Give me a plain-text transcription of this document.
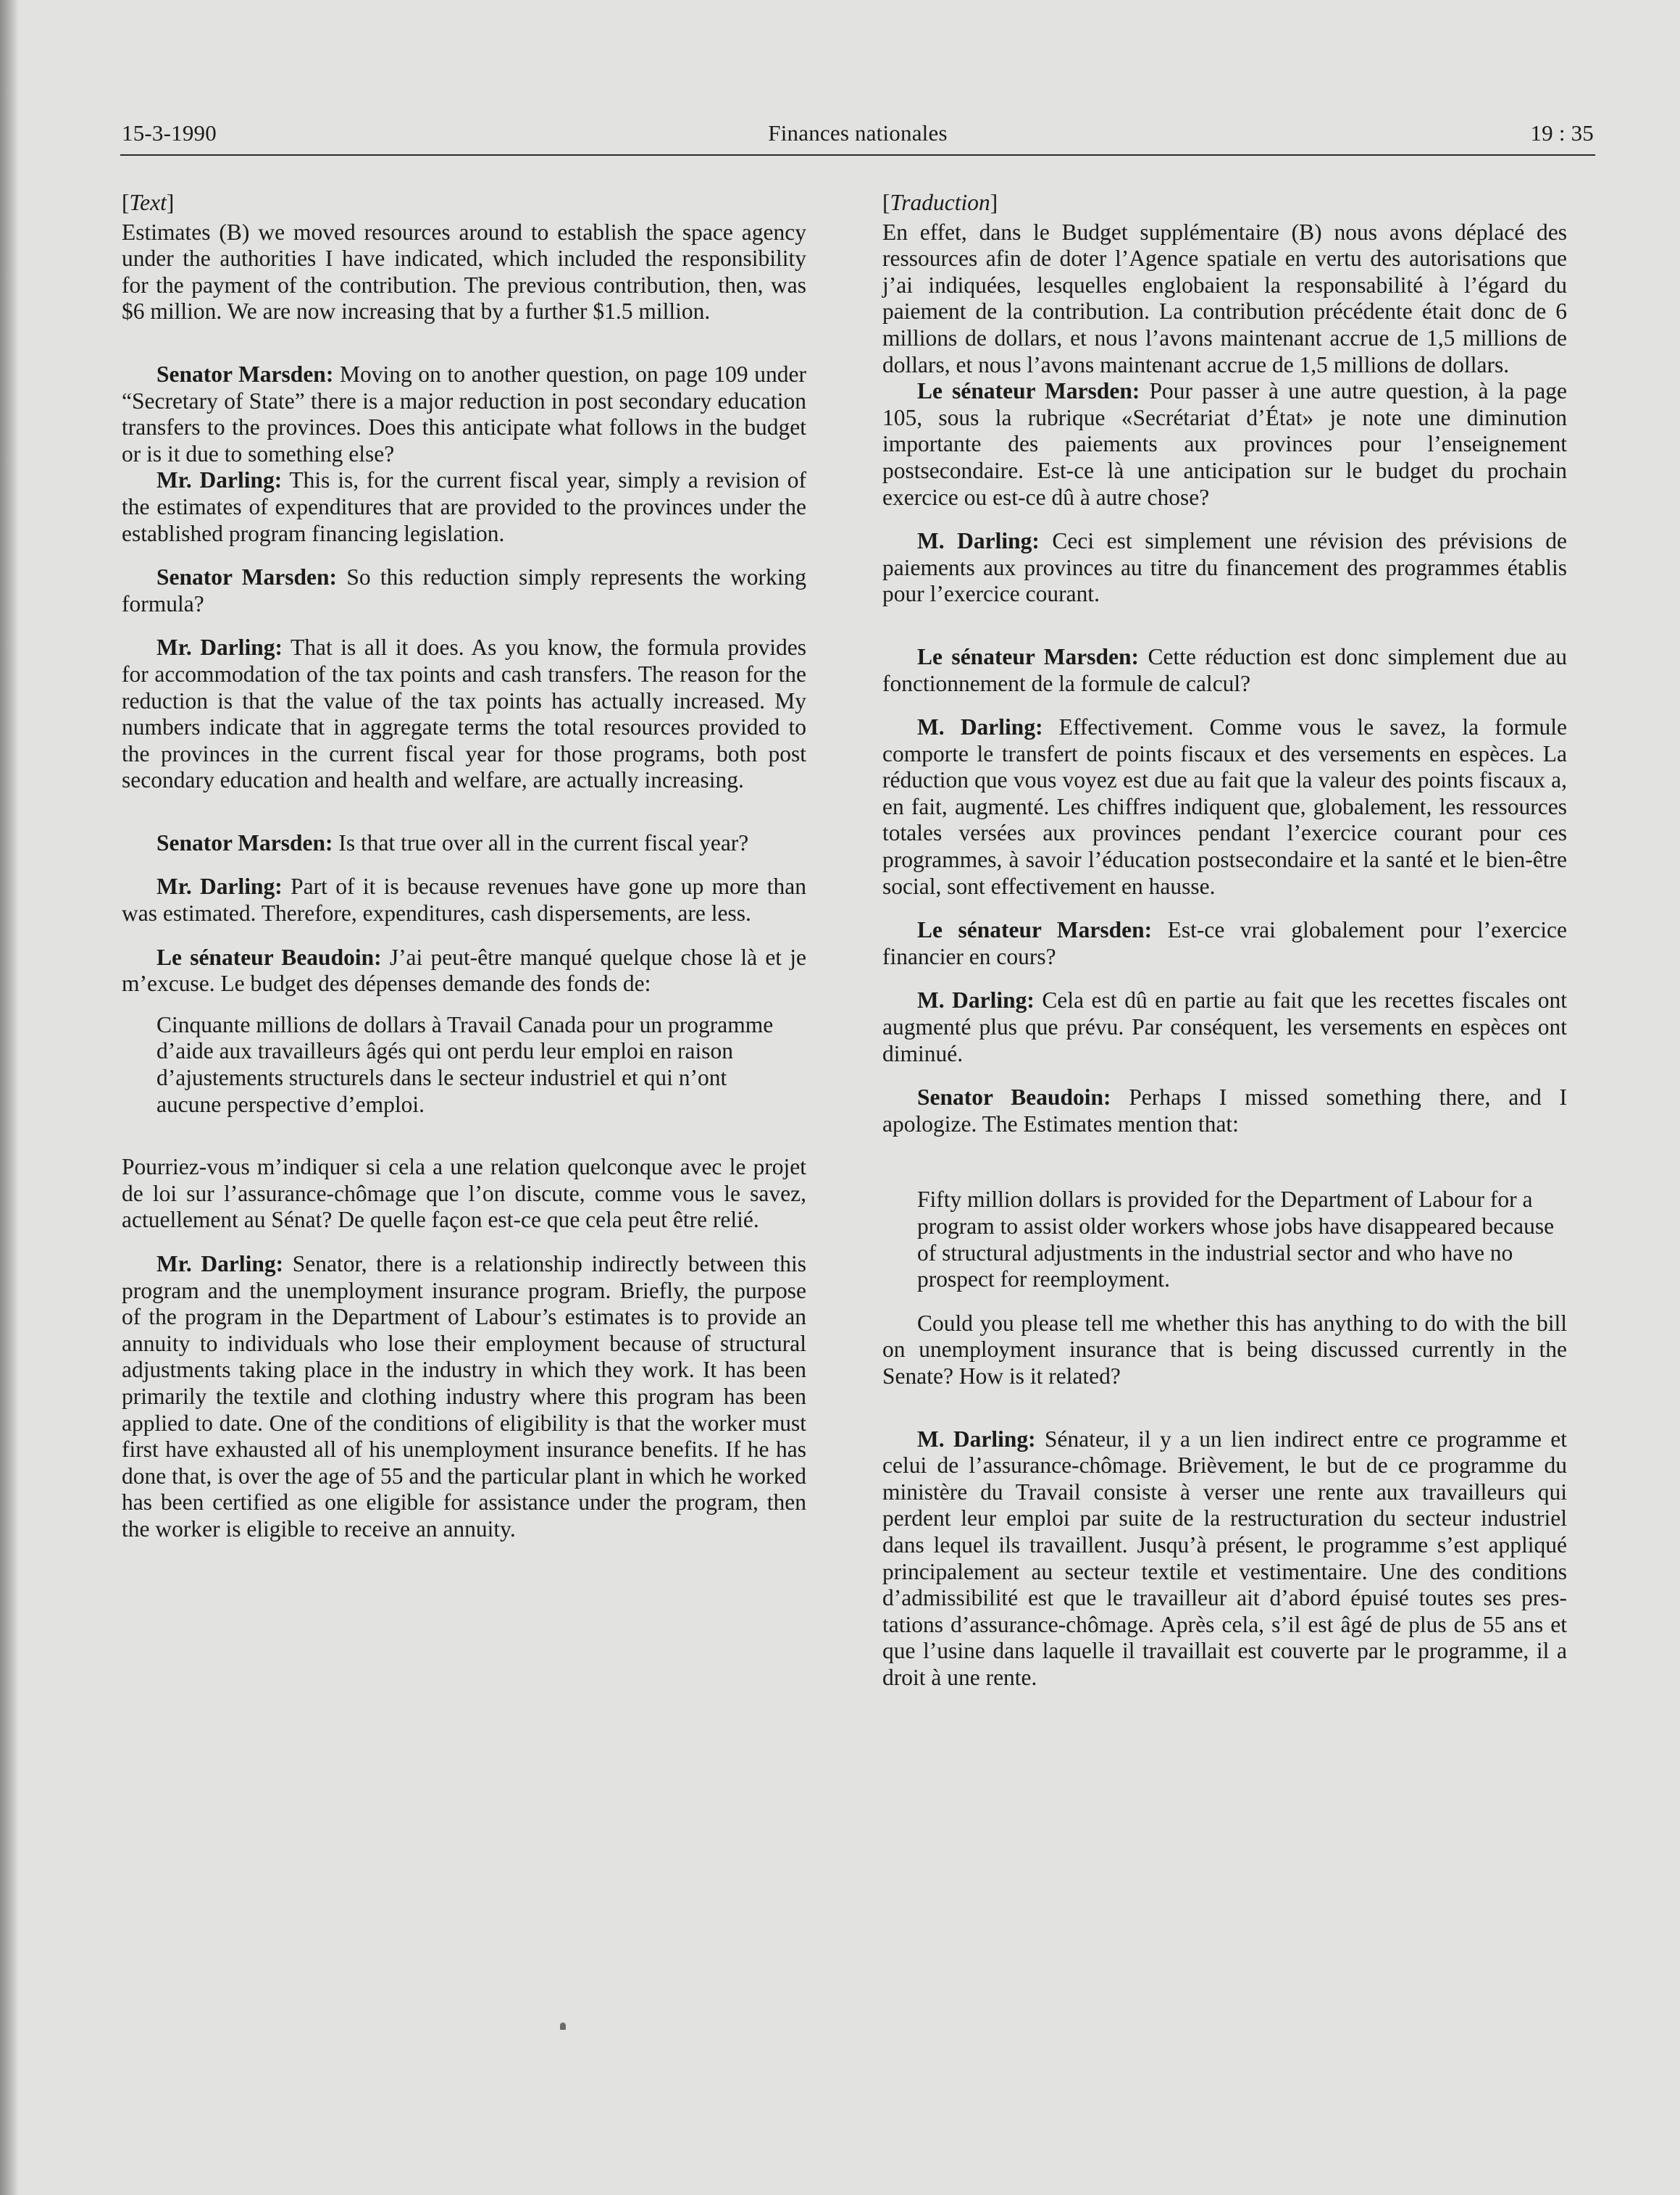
15-3-1990	Finances nationales	19 : 35
[Text]

Estimates (B) we moved resources around to establish the space agency under the authorities I have indicated, which included the responsibility for the payment of the contribution. The previous contribution, then, was $6 million. We are now increasing that by a further $1.5 million.

Senator Marsden: Moving on to another question, on page 109 under “Secretary of State” there is a major reduction in post secondary education transfers to the provinces. Does this anticipate what follows in the budget or is it due to something else?

Mr. Darling: This is, for the current fiscal year, simply a revision of the estimates of expenditures that are provided to the provinces under the established program financing legislation.

Senator Marsden: So this reduction simply represents the working formula?

Mr. Darling: That is all it does. As you know, the formula provides for accommodation of the tax points and cash transfers. The reason for the reduction is that the value of the tax points has actually increased. My numbers indicate that in aggregate terms the total resources provided to the provinces in the current fiscal year for those programs, both post secondary education and health and welfare, are actually increasing.

Senator Marsden: Is that true over all in the current fiscal year?

Mr. Darling: Part of it is because revenues have gone up more than was estimated. Therefore, expenditures, cash dispersements, are less.

Le sénateur Beaudoin: J’ai peut-être manqué quelque chose là et je m’excuse. Le budget des dépenses demande des fonds de:

Cinquante millions de dollars à Travail Canada pour un programme d’aide aux travailleurs âgés qui ont perdu leur emploi en raison d’ajustements structurels dans le secteur industriel et qui n’ont aucune perspective d’emploi.

Pourriez-vous m’indiquer si cela a une relation quelconque avec le projet de loi sur l’assurance-chômage que l’on discute, comme vous le savez, actuellement au Sénat? De quelle façon est-ce que cela peut être relié.

Mr. Darling: Senator, there is a relationship indirectly between this program and the unemployment insurance program. Briefly, the purpose of the program in the Department of Labour’s estimates is to provide an annuity to individuals who lose their employment because of structural adjustments taking place in the industry in which they work. It has been primarily the textile and clothing industry where this program has been applied to date. One of the conditions of eligibility is that the worker must first have exhausted all of his unemployment insurance benefits. If he has done that, is over the age of 55 and the particular plant in which he worked has been certified as one eligible for assistance under the program, then the worker is eligible to receive an annuity.

[Traduction]

En effet, dans le Budget supplémentaire (B) nous avons déplacé des ressources afin de doter l’Agence spatiale en vertu des autorisations que j’ai indiquées, lesquelles englobaient la responsabilité à l’égard du paiement de la contribution. La contribution précédente était donc de 6 millions de dollars, et nous l’avons maintenant accrue de 1,5 millions de dollars, et nous l’avons maintenant accrue de 1,5 millions de dollars.

Le sénateur Marsden: Pour passer à une autre question, à la page 105, sous la rubrique «Secrétariat d’État» je note une diminution importante des paiements aux provinces pour l’enseignement postsecondaire. Est-ce là une anticipation sur le budget du prochain exercice ou est-ce dû à autre chose?

M. Darling: Ceci est simplement une révision des prévisions de paiements aux provinces au titre du financement des programmes établis pour l’exercice courant.

Le sénateur Marsden: Cette réduction est donc simplement due au fonctionnement de la formule de calcul?

M. Darling: Effectivement. Comme vous le savez, la formule comporte le transfert de points fiscaux et des versements en espèces. La réduction que vous voyez est due au fait que la valeur des points fiscaux a, en fait, augmenté. Les chiffres indiquent que, globalement, les ressources totales versées aux provinces pendant l’exercice courant pour ces programmes, à savoir l’éducation postsecondaire et la santé et le bien-être social, sont effectivement en hausse.

Le sénateur Marsden: Est-ce vrai globalement pour l’exercice financier en cours?

M. Darling: Cela est dû en partie au fait que les recettes fiscales ont augmenté plus que prévu. Par conséquent, les versements en espèces ont diminué.

Senator Beaudoin: Perhaps I missed something there, and I apologize. The Estimates mention that:

Fifty million dollars is provided for the Department of Labour for a program to assist older workers whose jobs have disappeared because of structural adjustments in the industrial sector and who have no prospect for reemployment.

Could you please tell me whether this has anything to do with the bill on unemployment insurance that is being discussed currently in the Senate? How is it related?

M. Darling: Sénateur, il y a un lien indirect entre ce programme et celui de l’assurance-chômage. Brièvement, le but de ce programme du ministère du Travail consiste à verser une rente aux travailleurs qui perdent leur emploi par suite de la restructuration du secteur industriel dans lequel ils travaillent. Jusqu’à présent, le programme s’est appliqué principalement au secteur textile et vestimentaire. Une des conditions d’admissibilité est que le travailleur ait d’abord épuisé toutes ses prestations d’assurance-chômage. Après cela, s’il est âgé de plus de 55 ans et que l’usine dans laquelle il travaillait est couverte par le programme, il a droit à une rente.
